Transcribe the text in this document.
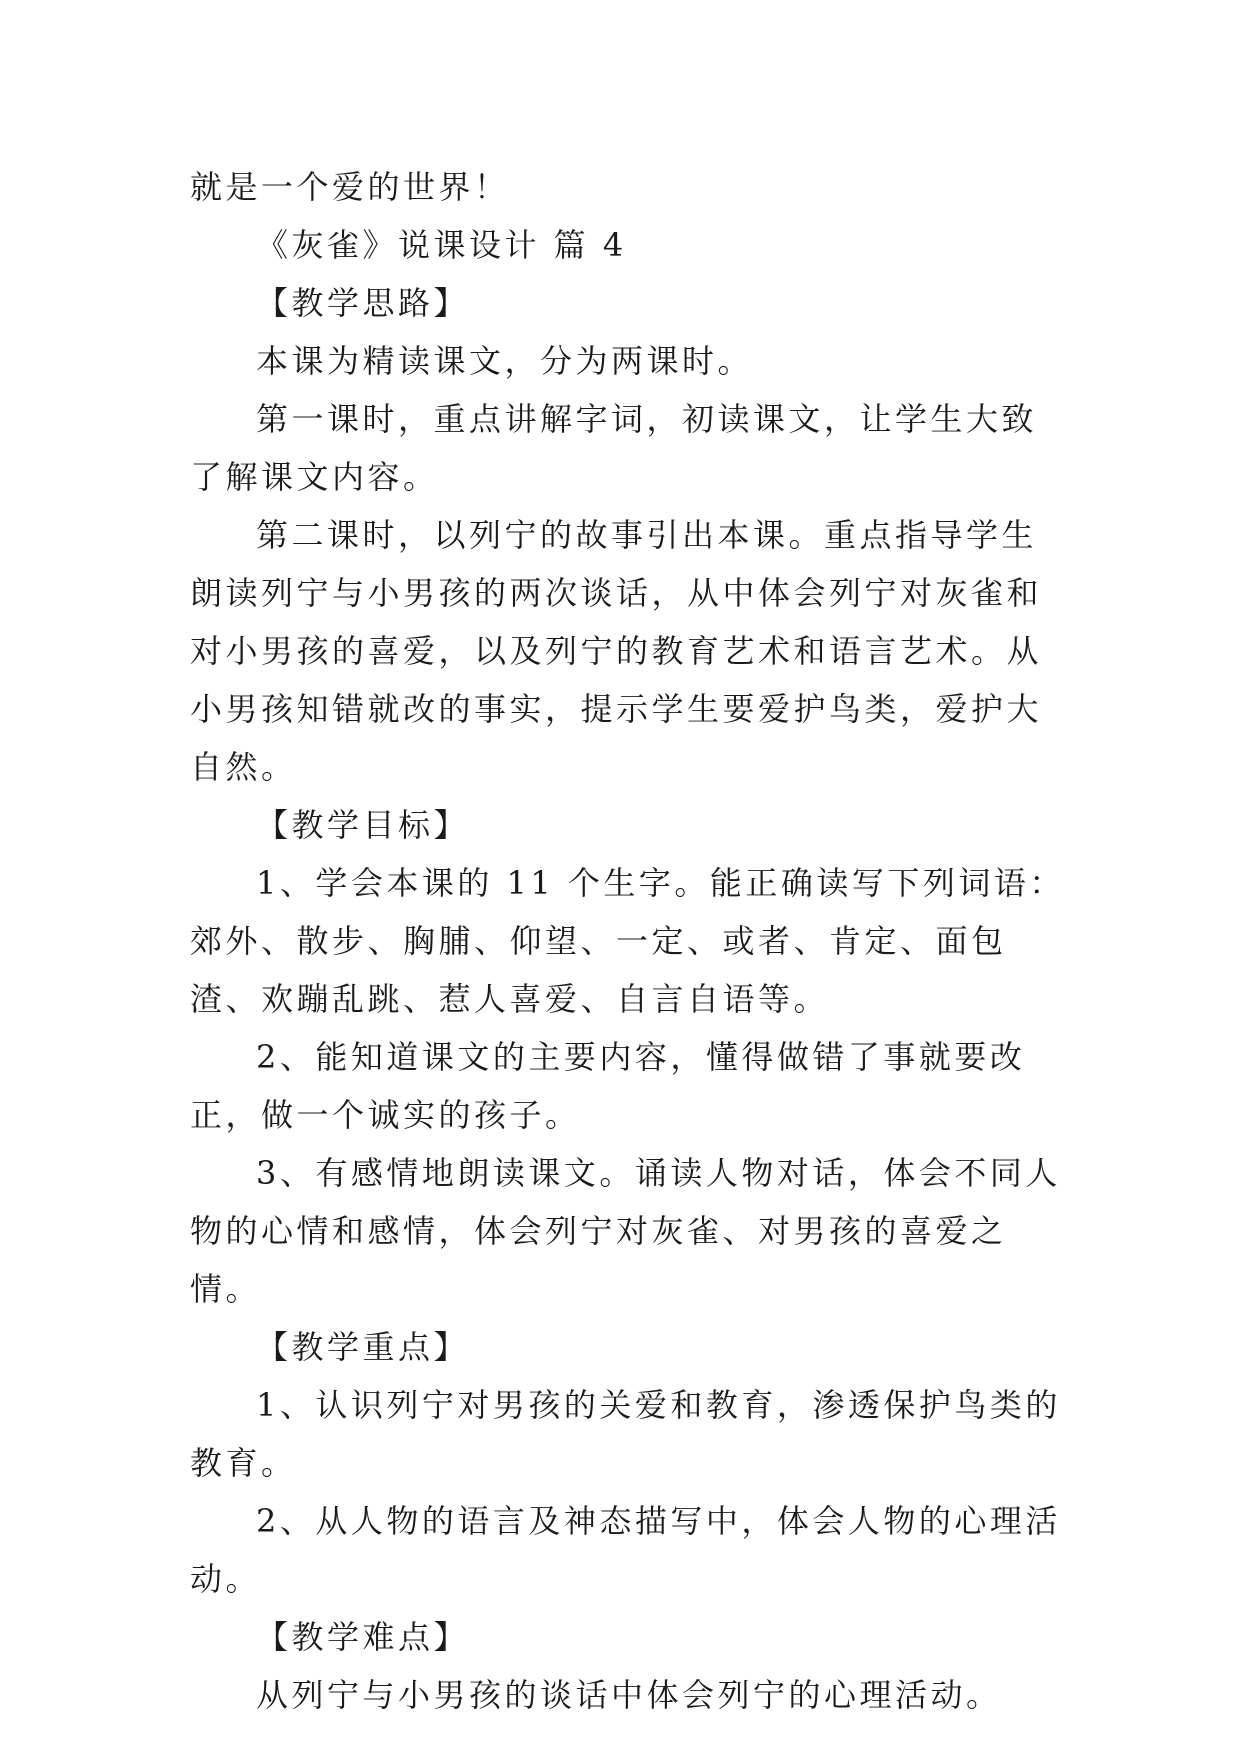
就是一个爱的世界！

《灰雀》说课设计 篇 4

【教学思路】

本课为精读课文，分为两课时。

第一课时，重点讲解字词，初读课文，让学生大致了解课文内容。

第二课时，以列宁的故事引出本课。重点指导学生朗读列宁与小男孩的两次谈话，从中体会列宁对灰雀和对小男孩的喜爱，以及列宁的教育艺术和语言艺术。从小男孩知错就改的事实，提示学生要爱护鸟类，爱护大自然。

【教学目标】

1、学会本课的 11 个生字。能正确读写下列词语：郊外、散步、胸脯、仰望、一定、或者、肯定、面包渣、欢蹦乱跳、惹人喜爱、自言自语等。

2、能知道课文的主要内容，懂得做错了事就要改正，做一个诚实的孩子。

3、有感情地朗读课文。诵读人物对话，体会不同人物的心情和感情，体会列宁对灰雀、对男孩的喜爱之情。

【教学重点】

1、认识列宁对男孩的关爱和教育，渗透保护鸟类的教育。

2、从人物的语言及神态描写中，体会人物的心理活动。

【教学难点】

从列宁与小男孩的谈话中体会列宁的心理活动。
